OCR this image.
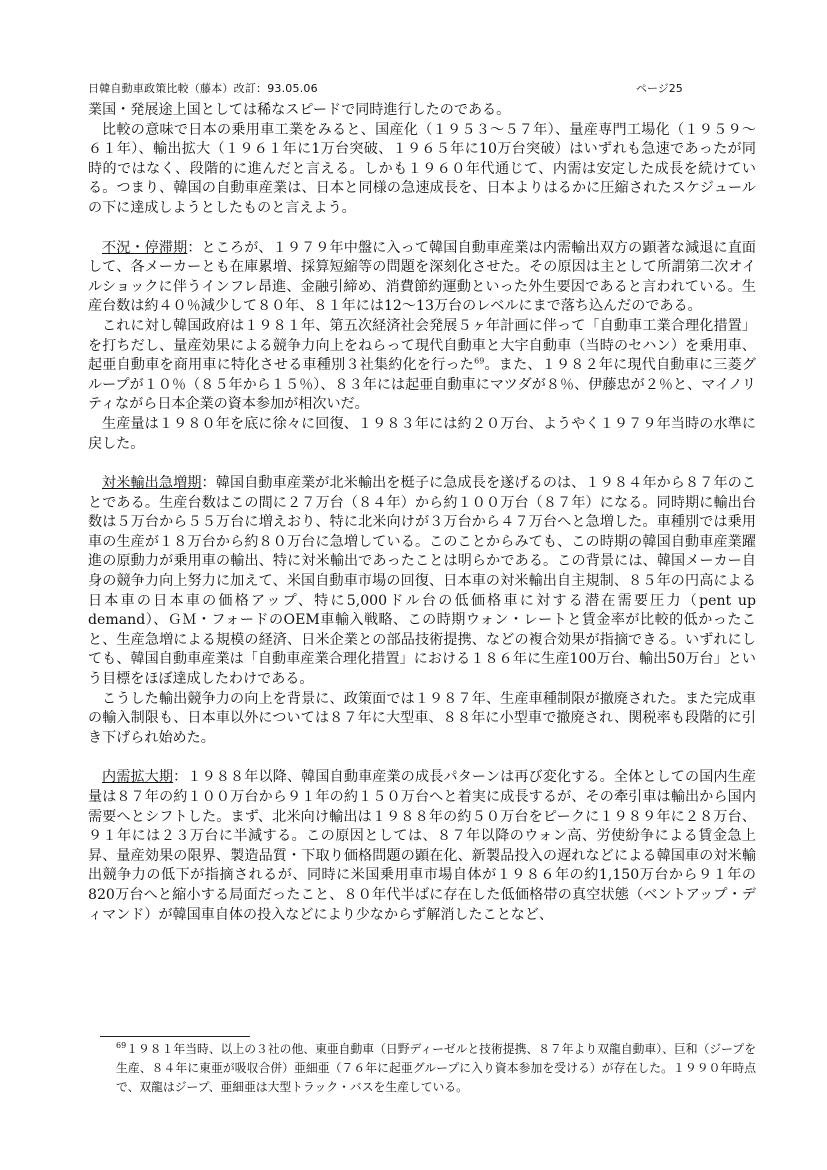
日韓自動車政策比較（藤本）改訂：93.05.06	ページ25

業国・発展途上国としては稀なスピードで同時進行したのである。

比較の意味で日本の乗用車工業をみると、国産化（１９５３〜５７年）、量産専門工場化（１９５９〜６１年）、輸出拡大（１９６１年に1万台突破、１９６５年に10万台突破）はいずれも急速であったが同時的ではなく、段階的に進んだと言える。しかも１９６０年代通じて、内需は安定した成長を続けている。つまり、韓国の自動車産業は、日本と同様の急速成長を、日本よりはるかに圧縮されたスケジュールの下に達成しようとしたものと言えよう。

不況・停滞期：ところが、１９７９年中盤に入って韓国自動車産業は内需輸出双方の顕著な減退に直面して、各メーカーとも在庫累増、採算短縮等の問題を深刻化させた。その原因は主として所謂第二次オイルショックに伴うインフレ昂進、金融引締め、消費節約運動といった外生要因であると言われている。生産台数は約４０％減少して８０年、８１年には12〜13万台のレベルにまで落ち込んだのである。

これに対し韓国政府は１９８１年、第五次経済社会発展５ヶ年計画に伴って「自動車工業合理化措置」を打ちだし、量産効果による競争力向上をねらって現代自動車と大宇自動車（当時のセハン）を乗用車、起亜自動車を商用車に特化させる車種別３社集約化を行った$^{69}$。また、１９８２年に現代自動車に三菱グループが１０％（８５年から１５％）、８３年には起亜自動車にマツダが８％、伊藤忠が２％と、マイノリティながら日本企業の資本参加が相次いだ。

生産量は１９８０年を底に徐々に回復、１９８３年には約２０万台、ようやく１９７９年当時の水準に戻した。

対米輸出急増期：韓国自動車産業が北米輸出を梃子に急成長を遂げるのは、１９８４年から８７年のことである。生産台数はこの間に２７万台（８４年）から約１００万台（８７年）になる。同時期に輸出台数は５万台から５５万台に増えおり、特に北米向けが３万台から４７万台へと急増した。車種別では乗用車の生産が１８万台から約８０万台に急増している。このことからみても、この時期の韓国自動車産業躍進の原動力が乗用車の輸出、特に対米輸出であったことは明らかである。この背景には、韓国メーカー自身の競争力向上努力に加えて、米国自動車市場の回復、日本車の対米輸出自主規制、８５年の円高による日本車の日本車の価格アップ、特に5,000ドル台の低価格車に対する潜在需要圧力（pent up demand）、ＧＭ・フォードのOEM車輸入戦略、この時期ウォン・レートと賃金率が比較的低かったこと、生産急増による規模の経済、日米企業との部品技術提携、などの複合効果が指摘できる。いずれにしても、韓国自動車産業は「自動車産業合理化措置」における１８６年に生産100万台、輸出50万台」という目標をほぼ達成したわけである。

こうした輸出競争力の向上を背景に、政策面では１９８７年、生産車種制限が撤廃された。また完成車の輸入制限も、日本車以外については８７年に大型車、８８年に小型車で撤廃され、関税率も段階的に引き下げられ始めた。

内需拡大期：１９８８年以降、韓国自動車産業の成長パターンは再び変化する。全体としての国内生産量は８７年の約１００万台から９１年の約１５０万台へと着実に成長するが、その牽引車は輸出から国内需要へとシフトした。まず、北米向け輸出は１９８８年の約５０万台をピークに１９８９年に２８万台、９１年には２３万台に半減する。この原因としては、８７年以降のウォン高、労使紛争による賃金急上昇、量産効果の限界、製造品質・下取り価格問題の顕在化、新製品投入の遅れなどによる韓国車の対米輸出競争力の低下が指摘されるが、同時に米国乗用車市場自体が１９８６年の約1,150万台から９１年の820万台へと縮小する局面だったこと、８０年代半ばに存在した低価格帯の真空状態（ベントアップ・ディマンド）が韓国車自体の投入などにより少なからず解消したことなど、

$^{69}$１９８１年当時、以上の３社の他、東亜自動車（日野ディーゼルと技術提携、８７年より双龍自動車）、巨和（ジープを生産、８４年に東亜が吸収合併）亜細亜（７６年に起亜グループに入り資本参加を受ける）が存在した。１９９０年時点で、双龍はジープ、亜細亜は大型トラック・バスを生産している。
